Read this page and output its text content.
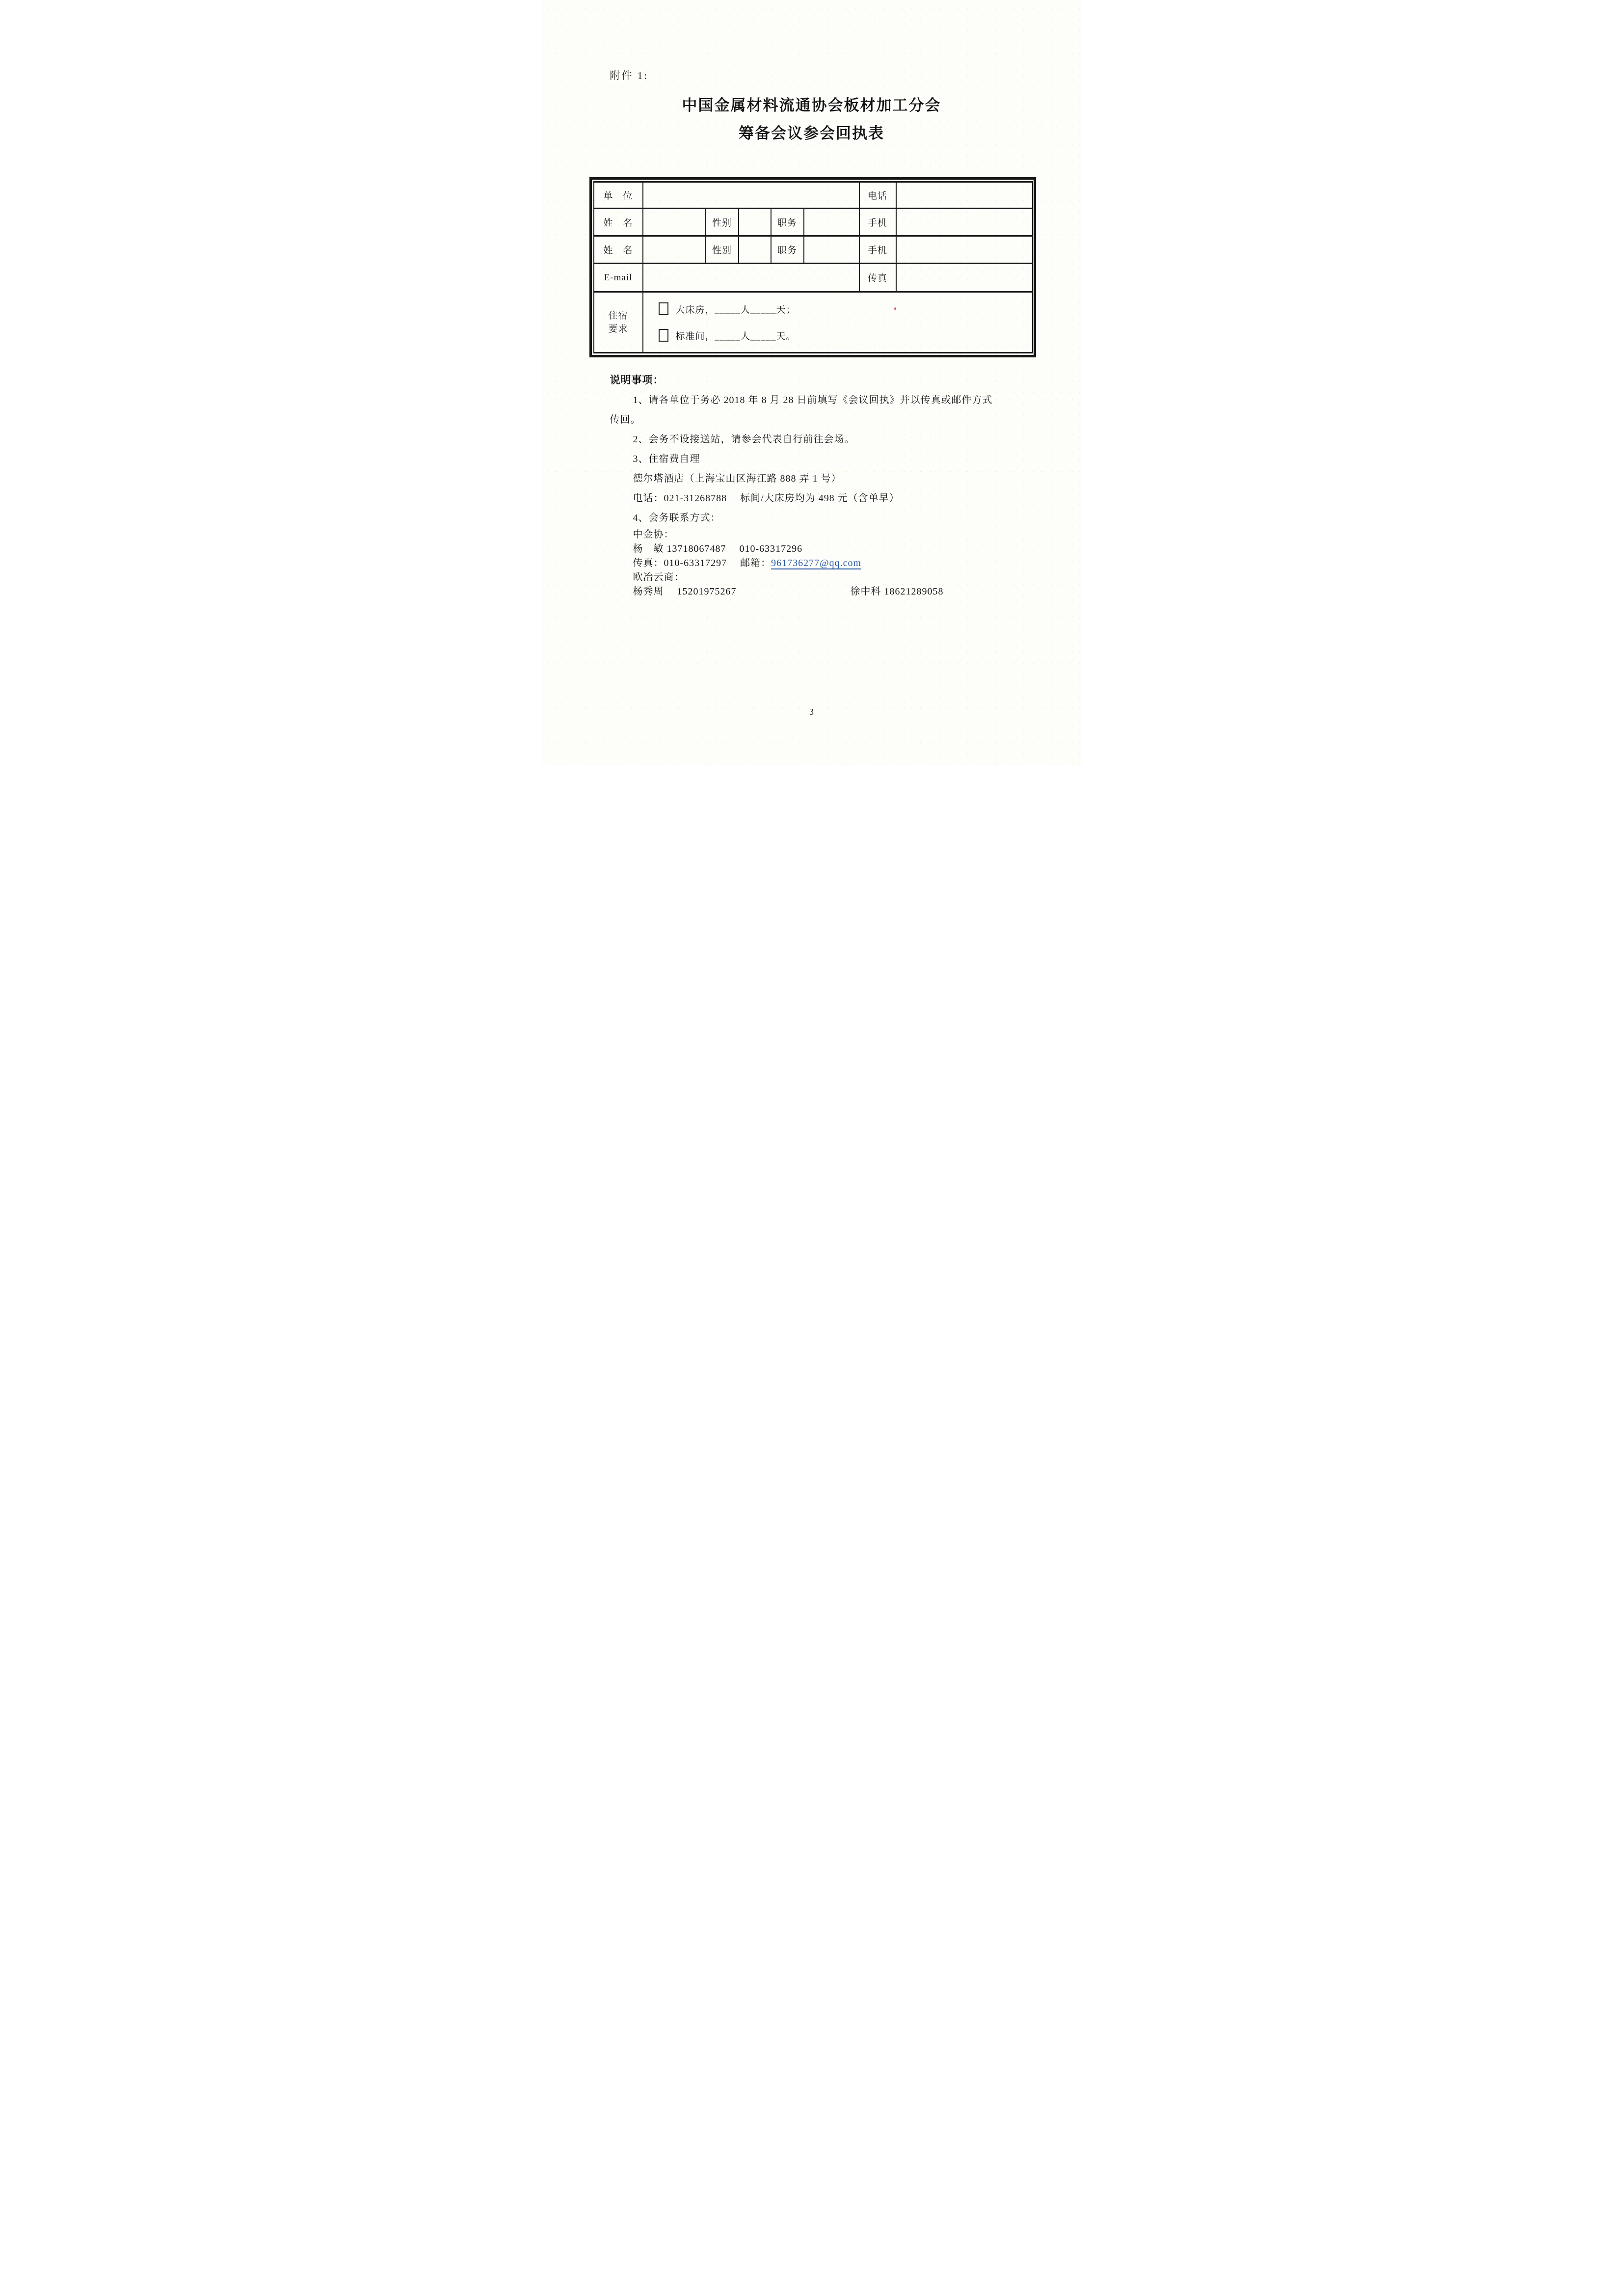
附件 1:
中国金属材料流通协会板材加工分会
筹备会议参会回执表
单　位						电话	
姓　名		性别		职务		手机	
姓　名		性别		职务		手机	
E-mail						传真	

住宿
要求

大床房，_____人_____天；
标准间，_____人_____天。

说明事项：

1、请各单位于务必 2018 年 8 月 28 日前填写《会议回执》并以传真或邮件方式

传回。

2、会务不设接送站，请参会代表自行前往会场。

3、住宿费自理

德尔塔酒店（上海宝山区海江路 888 弄 1 号）

电话：021-31268788　 标间/大床房均为 498 元（含单早）

4、会务联系方式：

中金协：

杨　敏 13718067487　 010-63317296

传真：010-63317297　 邮箱：961736277@qq.com

欧冶云商：

杨秀周　 15201975267	徐中科 18621289058

3
